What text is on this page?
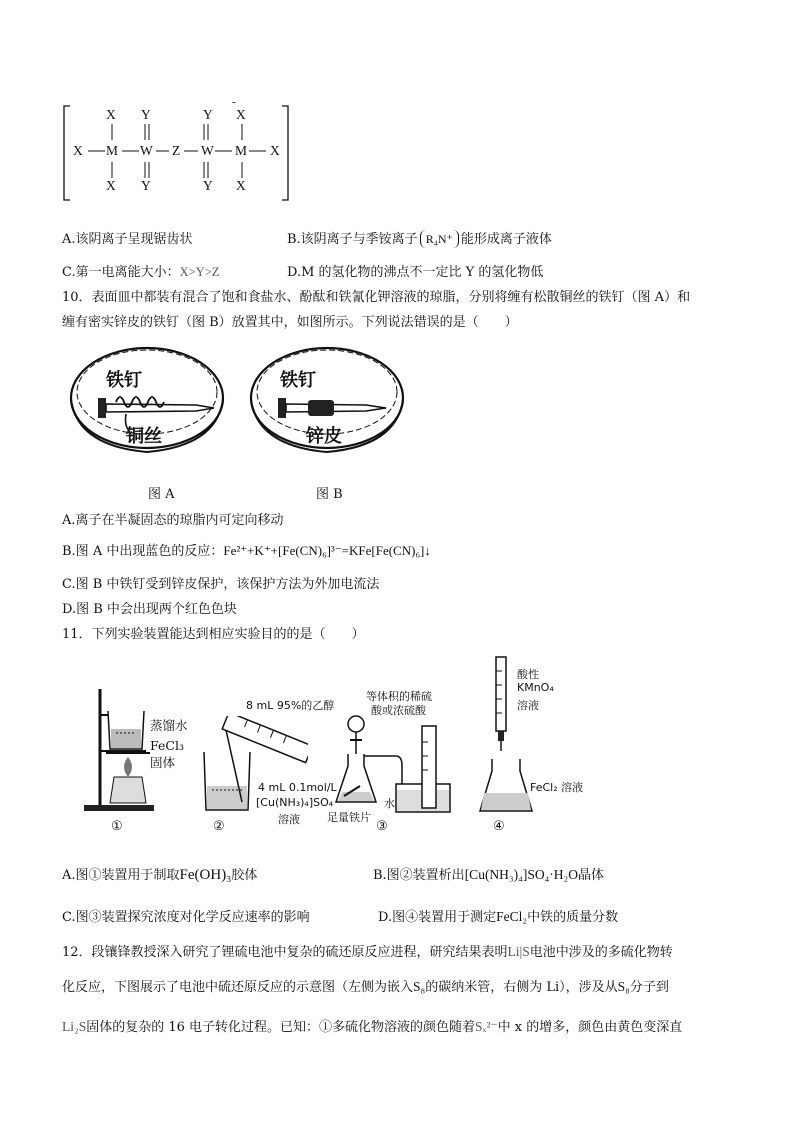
-
X Y	Y X
X M W Z W M X
X Y	Y X
A.该阴离子呈现锯齿状	B.该阴离子与季铵离子 R₄N⁺ 能形成离子液体
C.第一电离能大小：X>Y>Z	D.M 的氢化物的沸点不一定比 Y 的氢化物低
10．表面皿中都装有混合了饱和食盐水、酚酞和铁氰化钾溶液的琼脂，分别将缠有松散铜丝的铁钉（图 A）和
缠有密实锌皮的铁钉（图 B）放置其中，如图所示。下列说法错误的是（　　）
铁钉
铜丝
铁钉
锌皮
图 A	图 B
A.离子在半凝固态的琼脂内可定向移动
B.图 A 中出现蓝色的反应：Fe²⁺+K⁺+[Fe(CN)₆]³⁻=KFe[Fe(CN)₆]↓
C.图 B 中铁钉受到锌皮保护，该保护方法为外加电流法
D.图 B 中会出现两个红色色块
11．下列实验装置能达到相应实验目的的是（　　）
蒸馏水
FeCl₃
固体
①
8 mL 95%的乙醇
4 mL 0.1mol/L
[Cu(NH₃)₄]SO₄
溶液
②
等体积的稀硫
酸或浓硫酸
水
足量铁片
③
酸性
KMnO₄
溶液
FeCl₂ 溶液
④
A.图①装置用于制取Fe(OH)₃胶体	B.图②装置析出[Cu(NH₃)₄]SO₄·H₂O晶体
C.图③装置探究浓度对化学反应速率的影响	D.图④装置用于测定FeCl₂中铁的质量分数
12．段镶锋教授深入研究了锂硫电池中复杂的硫还原反应进程，研究结果表明Li|S电池中涉及的多硫化物转
化反应，下图展示了电池中硫还原反应的示意图（左侧为嵌入S₈的碳纳米管，右侧为 Li），涉及从S₈分子到
Li₂S固体的复杂的 16 电子转化过程。已知：①多硫化物溶液的颜色随着Sₓ²⁻中 x 的增多，颜色由黄色变深直
